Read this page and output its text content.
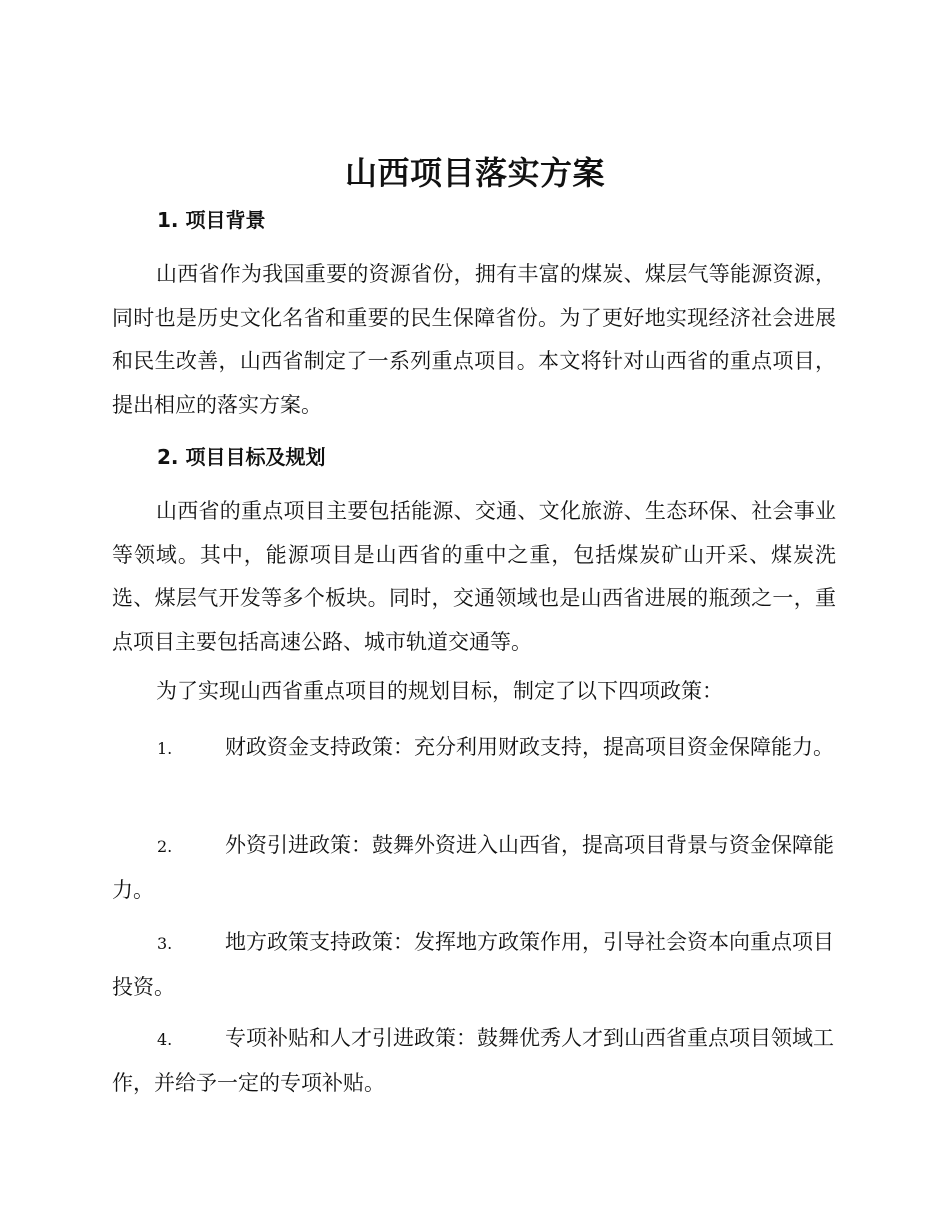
山西项目落实方案
1. 项目背景

山西省作为我国重要的资源省份，拥有丰富的煤炭、煤层气等能源资源，同时也是历史文化名省和重要的民生保障省份。为了更好地实现经济社会进展和民生改善，山西省制定了一系列重点项目。本文将针对山西省的重点项目，提出相应的落实方案。

2. 项目目标及规划

山西省的重点项目主要包括能源、交通、文化旅游、生态环保、社会事业等领域。其中，能源项目是山西省的重中之重，包括煤炭矿山开采、煤炭洗选、煤层气开发等多个板块。同时，交通领域也是山西省进展的瓶颈之一，重点项目主要包括高速公路、城市轨道交通等。

为了实现山西省重点项目的规划目标，制定了以下四项政策：

1.	财政资金支持政策：充分利用财政支持，提高项目资金保障能力。

2.	外资引进政策：鼓舞外资进入山西省，提高项目背景与资金保障能力。

3.	地方政策支持政策：发挥地方政策作用，引导社会资本向重点项目投资。

4.	专项补贴和人才引进政策：鼓舞优秀人才到山西省重点项目领域工作，并给予一定的专项补贴。
